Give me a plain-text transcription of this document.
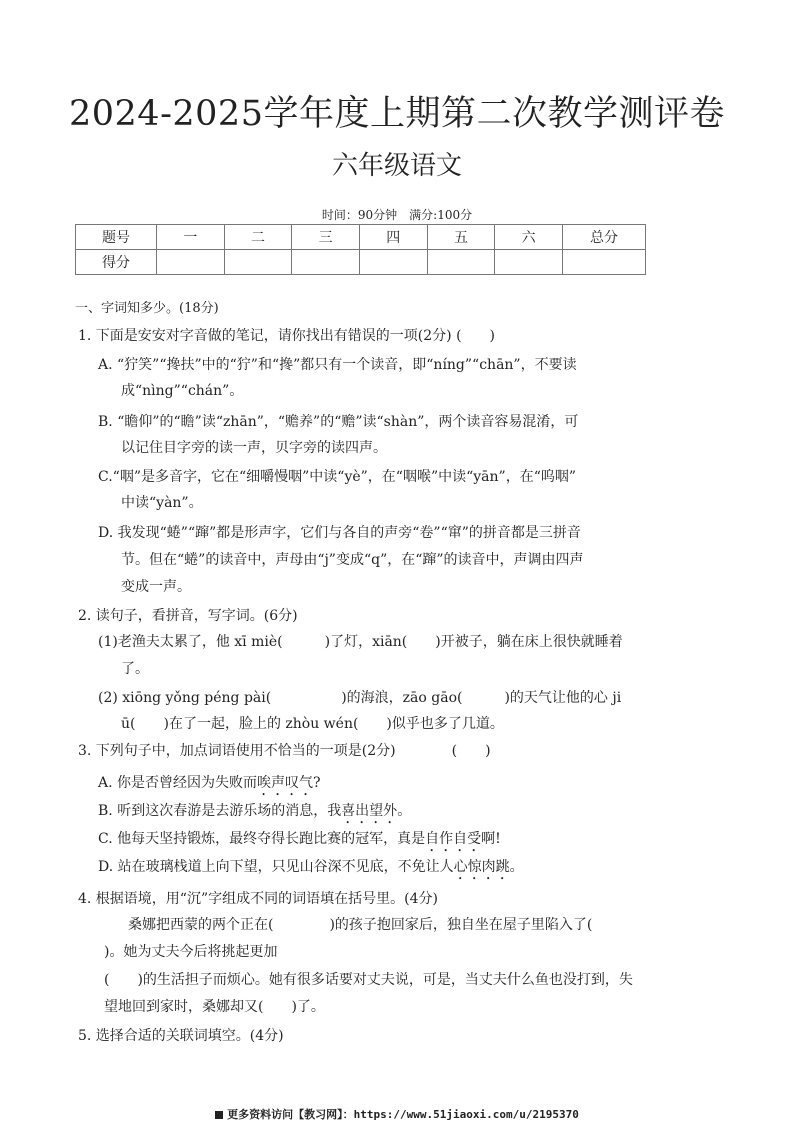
2024-2025学年度上期第二次教学测评卷
六年级语文
时间：90分钟　满分:100分
题号	一	二	三	四	五	六	总分
得分							
一、字词知多少。(18分)
1. 下面是安安对字音做的笔记，请你找出有错误的一项(2分) (　　)
A. “狞笑”“搀扶”中的“狞”和“搀”都只有一个读音，即“níng”“chān”，不要读
成“nìng”“chán”。
B. “瞻仰”的“瞻”读“zhān”，“赡养”的“赡”读“shàn”，两个读音容易混淆，可
以记住目字旁的读一声，贝字旁的读四声。
C.“咽”是多音字，它在“细嚼慢咽”中读“yè”，在“咽喉”中读“yān”，在“呜咽”
中读“yàn”。
D. 我发现“蜷”“蹿”都是形声字，它们与各自的声旁“卷”“窜”的拼音都是三拼音
节。但在“蜷”的读音中，声母由“j”变成“q”，在“蹿”的读音中，声调由四声
变成一声。
2. 读句子，看拼音，写字词。(6分)
(1)老渔夫太累了，他 xī miè(　　　)了灯，xiān(　　)开被子，躺在床上很快就睡着
了。
(2) xiōng yǒng péng pài(　　　　　)的海浪，zāo gāo(　　　)的天气让他的心 ji
ū(　　)在了一起，脸上的 zhòu wén(　　)似乎也多了几道。
3. 下列句子中，加点词语使用不恰当的一项是(2分)　　　　(　　)
A. 你是否曾经因为失败而唉声叹气?
B. 听到这次春游是去游乐场的消息，我喜出望外。
C. 他每天坚持锻炼，最终夺得长跑比赛的冠军，真是自作自受啊!
D. 站在玻璃栈道上向下望，只见山谷深不见底，不免让人心惊肉跳。
4. 根据语境，用“沉”字组成不同的词语填在括号里。(4分)
桑娜把西蒙的两个正在(　　　　)的孩子抱回家后，独自坐在屋子里陷入了(
)。她为丈夫今后将挑起更加
(　　)的生活担子而烦心。她有很多话要对丈夫说，可是，当丈夫什么鱼也没打到，失
望地回到家时，桑娜却又(　　)了。
5. 选择合适的关联词填空。(4分)
更多资料访问【教习网】：https://www.51jiaoxi.com/u/2195370
